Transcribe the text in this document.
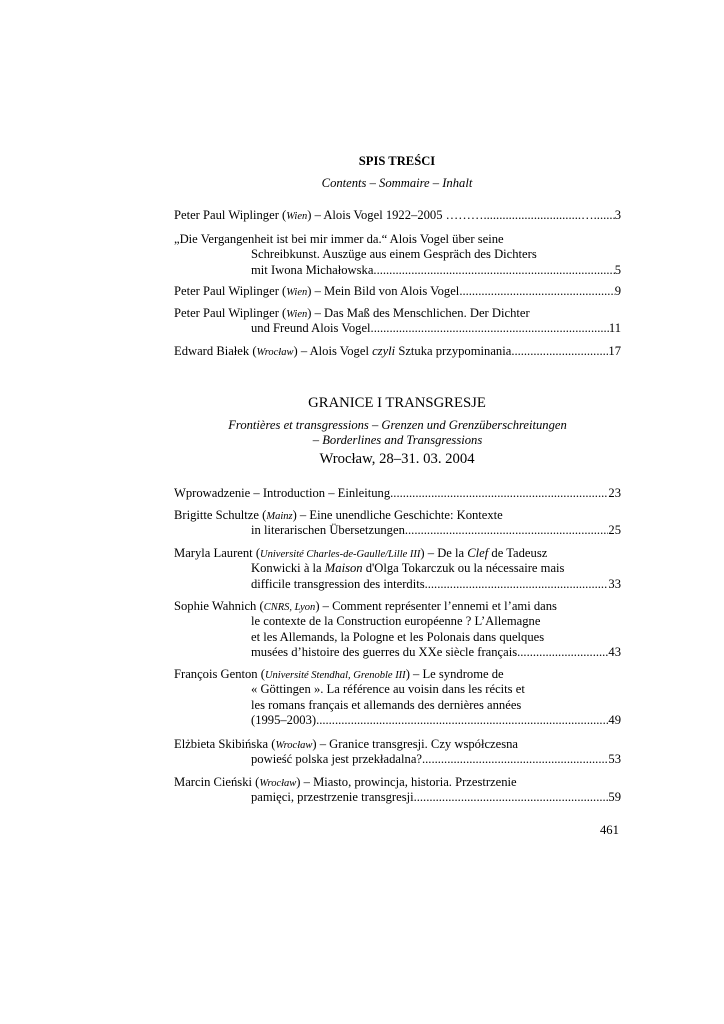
SPIS TREŚCI
Contents – Sommaire – Inhalt
Peter Paul Wiplinger (Wien) – Alois Vogel 1922–2005 ………...............................… ..... 3
„Die Vergangenheit ist bei mir immer da.“ Alois Vogel über seine
Schreibkunst. Auszüge aus einem Gespräch des Dichters
mit Iwona Michałowska .....	5
Peter Paul Wiplinger (Wien) – Mein Bild von Alois Vogel .....	9
Peter Paul Wiplinger (Wien) – Das Maß des Menschlichen. Der Dichter
und Freund Alois Vogel .....	11
Edward Białek (Wrocław) – Alois Vogel czyli Sztuka przypominania .....	17
GRANICE I TRANSGRESJE
Frontières et transgressions – Grenzen und Grenzüberschreitungen
– Borderlines and Transgressions
Wrocław, 28–31. 03. 2004
Wprowadzenie – Introduction – Einleitung .....	23
Brigitte Schultze (Mainz) – Eine unendliche Geschichte: Kontexte
in literarischen Übersetzungen .....	25
Maryla Laurent (Université Charles-de-Gaulle/Lille III) – De la Clef de Tadeusz
Konwicki à la Maison d'Olga Tokarczuk ou la nécessaire mais
difficile transgression des interdits .....	33
Sophie Wahnich (CNRS, Lyon) – Comment représenter l’ennemi et l’ami dans
le contexte de la Construction européenne ? L’Allemagne
et les Allemands, la Pologne et les Polonais dans quelques
musées d’histoire des guerres du XXe siècle français .....	43
François Genton (Université Stendhal, Grenoble III) – Le syndrome de
« Göttingen ». La référence au voisin dans les récits et
les romans français et allemands des dernières années
(1995–2003) .....	49
Elżbieta Skibińska (Wrocław) – Granice transgresji. Czy współczesna
powieść polska jest przekładalna? .....	53
Marcin Cieński (Wrocław) – Miasto, prowincja, historia. Przestrzenie
pamięci, przestrzenie transgresji .....	59
461
